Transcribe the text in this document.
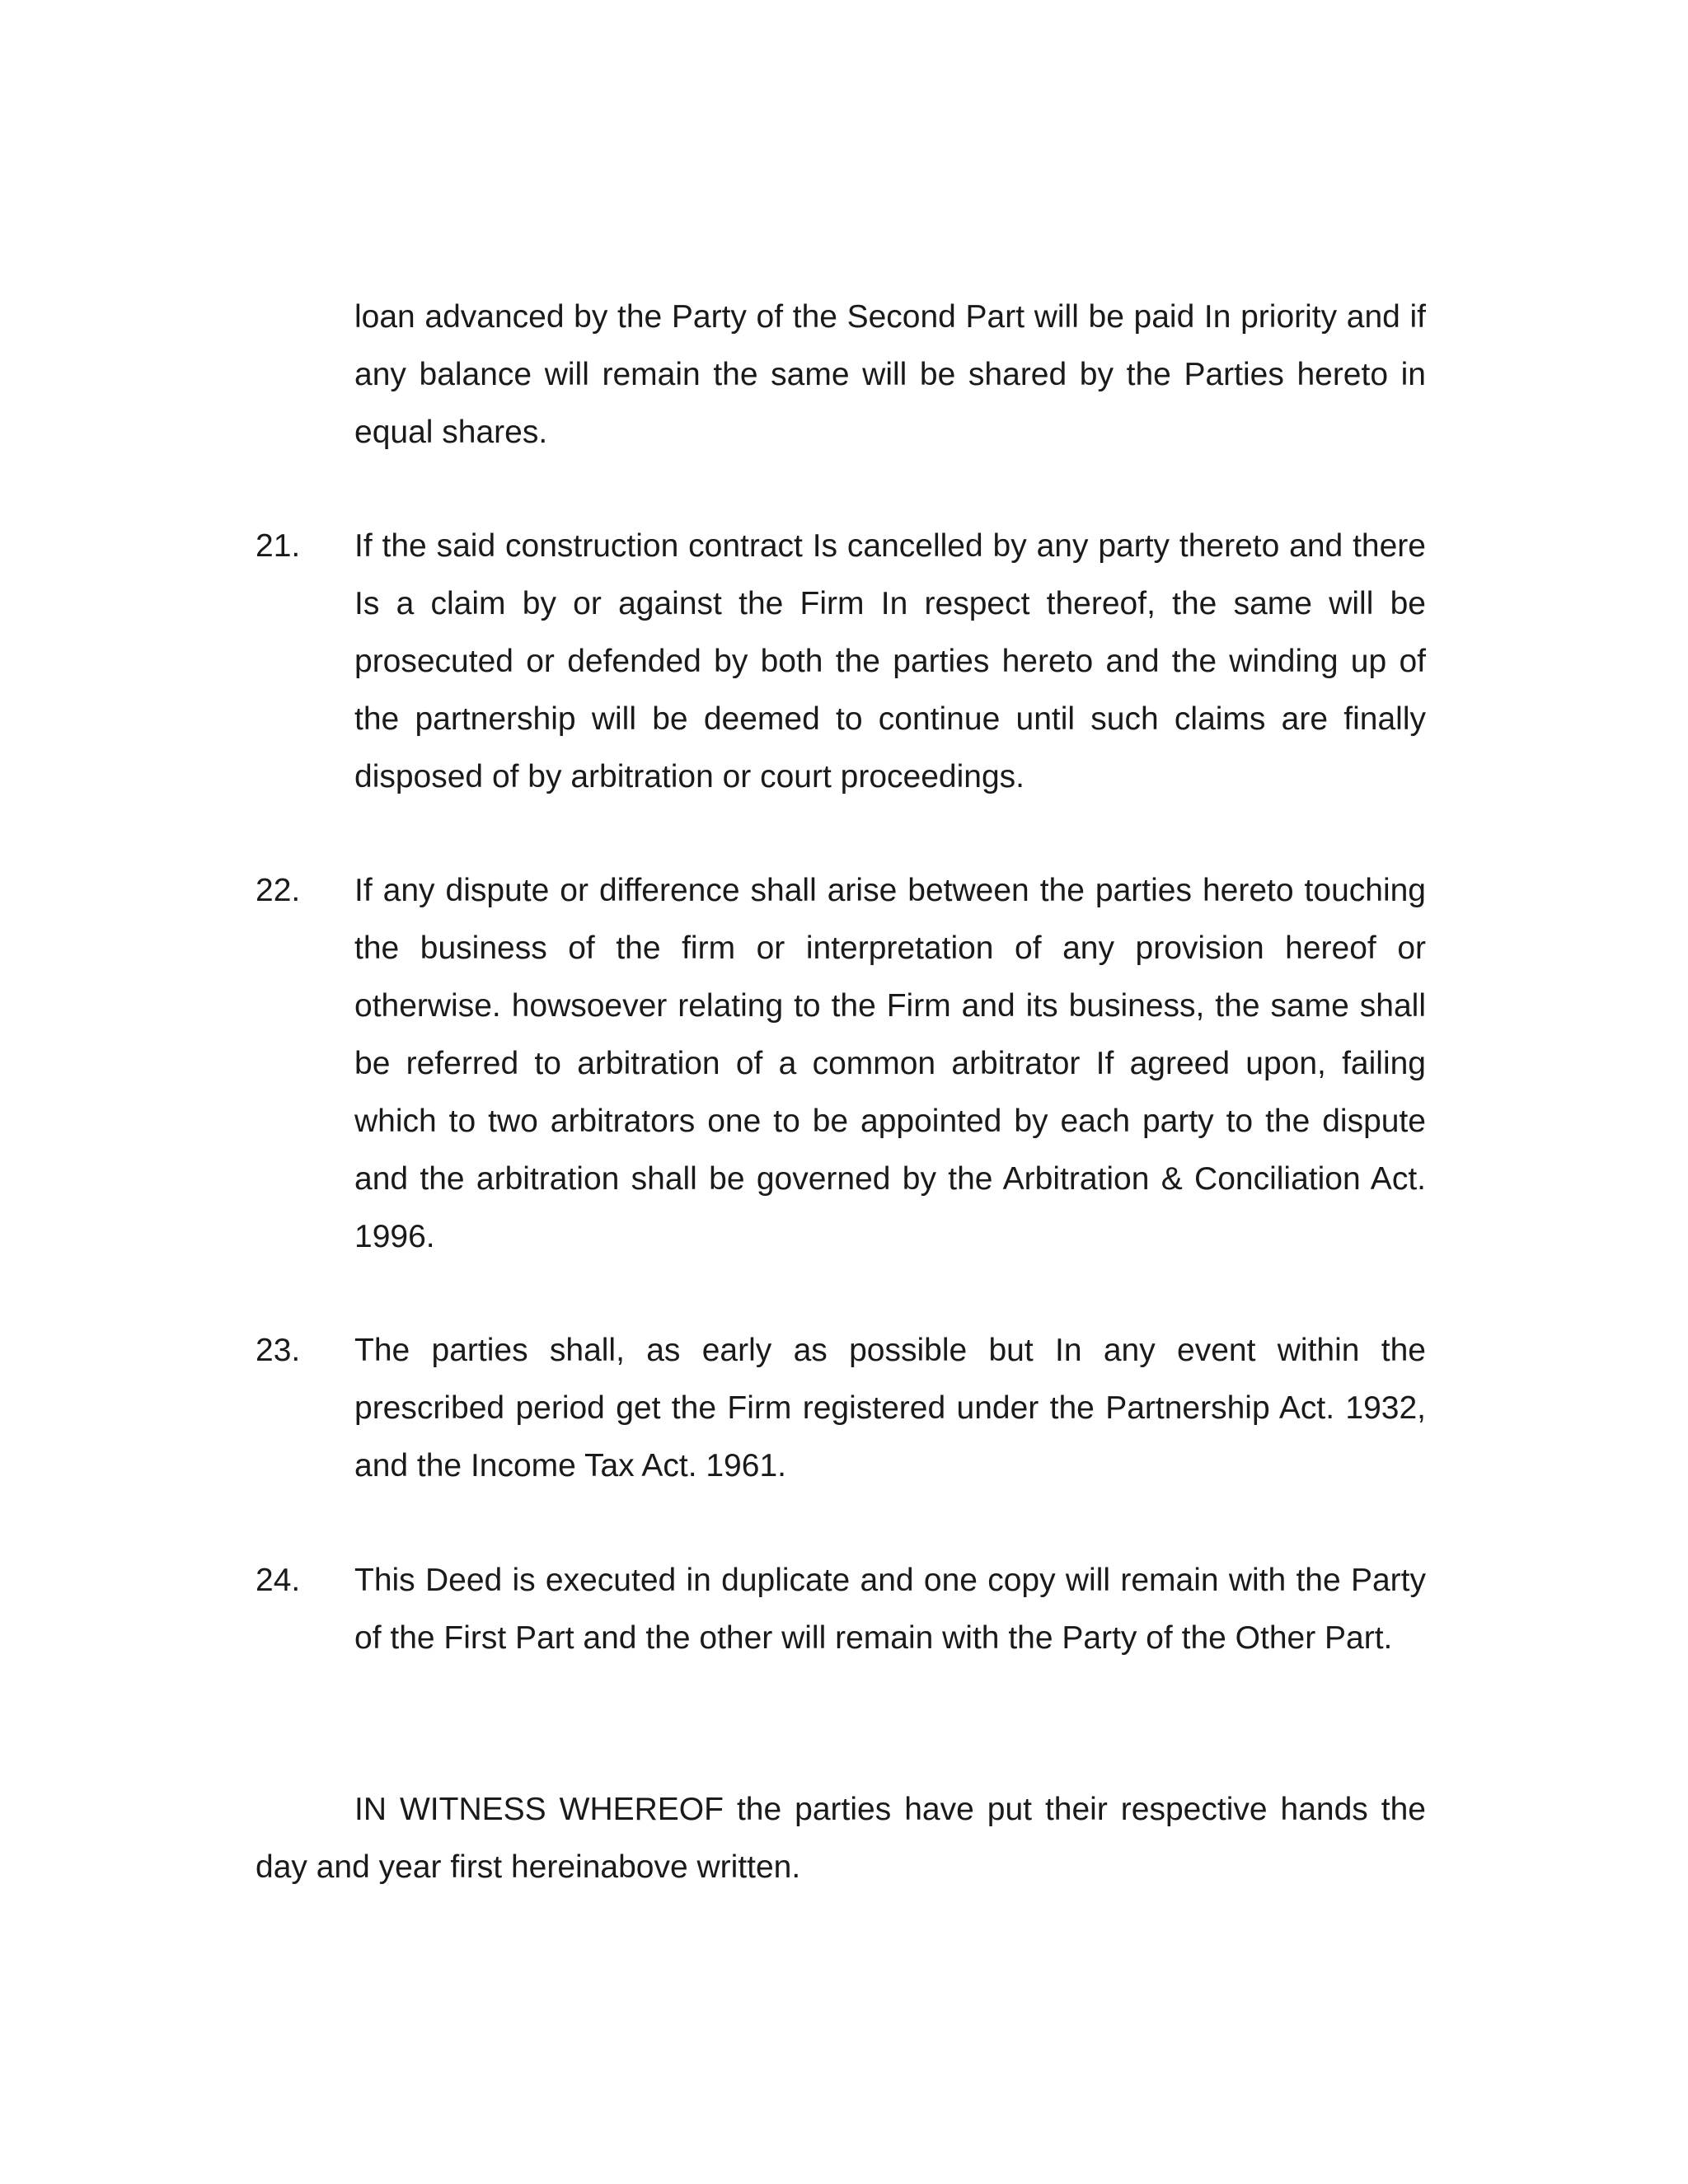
loan advanced by the Party of the Second Part will be paid In priority and if any balance will remain the same will be shared by the Parties hereto in equal shares.
21. If the said construction contract Is cancelled by any party thereto and there Is a claim by or against the Firm In respect thereof, the same will be prosecuted or defended by both the parties hereto and the winding up of the partnership will be deemed to continue until such claims are finally disposed of by arbitration or court proceedings.
22. If any dispute or difference shall arise between the parties hereto touching the business of the firm or interpretation of any provision hereof or otherwise. howsoever relating to the Firm and its business, the same shall be referred to arbitration of a common arbitrator If agreed upon, failing which to two arbitrators one to be appointed by each party to the dispute and the arbitration shall be governed by the Arbitration & Conciliation Act. 1996.
23. The parties shall, as early as possible but In any event within the prescribed period get the Firm registered under the Partnership Act. 1932, and the Income Tax Act. 1961.
24. This Deed is executed in duplicate and one copy will remain with the Party of the First Part and the other will remain with the Party of the Other Part.
IN WITNESS WHEREOF the parties have put their respective hands the day and year first hereinabove written.
